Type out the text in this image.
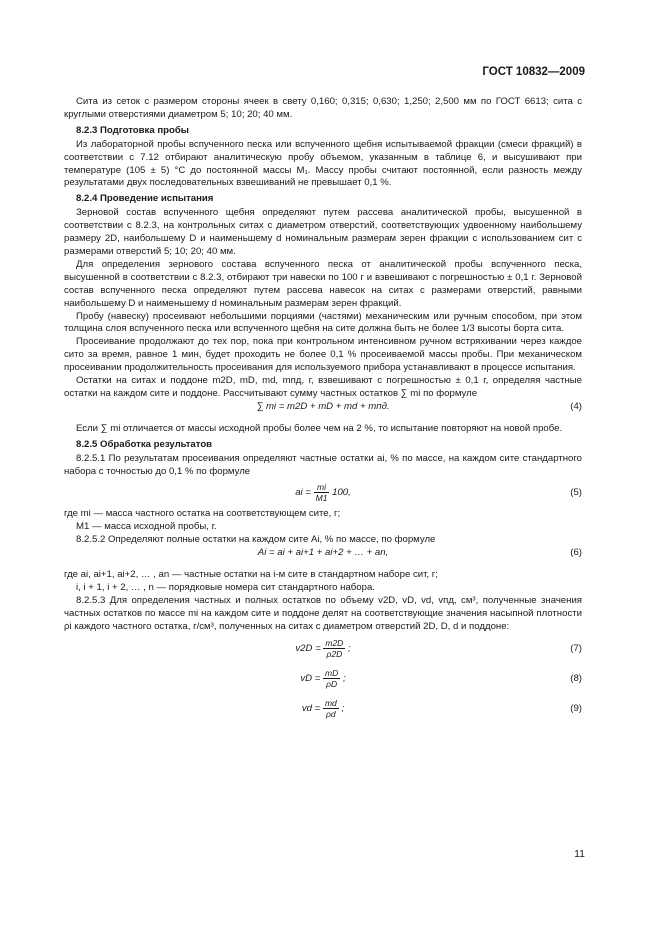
ГОСТ 10832—2009

Сита из сеток с размером стороны ячеек в свету 0,160; 0,315; 0,630; 1,250; 2,500 мм по ГОСТ 6613; сита с круглыми отверстиями диаметром 5; 10; 20; 40 мм.

8.2.3 Подготовка пробы

Из лабораторной пробы вспученного песка или вспученного щебня испытываемой фракции (смеси фракций) в соответствии с 7.12 отбирают аналитическую пробу объемом, указанным в таблице 6, и высушивают при температуре (105 ± 5) °С до постоянной массы M₁. Массу пробы считают постоянной, если разность между результатами двух последовательных взвешиваний не превышает 0,1 %.

8.2.4 Проведение испытания

Зерновой состав вспученного щебня определяют путем рассева аналитической пробы, высушенной в соответствии с 8.2.3, на контрольных ситах с диаметром отверстий, соответствующих удвоенному наибольшему размеру 2D, наибольшему D и наименьшему d номинальным размерам зерен фракции с использованием сит с размерами отверстий 5; 10; 20; 40 мм.

Для определения зернового состава вспученного песка от аналитической пробы вспученного песка, высушенной в соответствии с 8.2.3, отбирают три навески по 100 г и взвешивают с погрешностью ± 0,1 г. Зерновой состав вспученного песка определяют путем рассева навесок на ситах с размерами отверстий, равными наибольшему D и наименьшему d номинальным размерам зерен фракций.

Пробу (навеску) просеивают небольшими порциями (частями) механическим или ручным способом, при этом толщина слоя вспученного песка или вспученного щебня на сите должна быть не более 1/3 высоты борта сита.

Просеивание продолжают до тех пор, пока при контрольном интенсивном ручном встряхивании через каждое сито за время, равное 1 мин, будет проходить не более 0,1 % просеиваемой массы пробы. При механическом просеивании продолжительность просеивания для используемого прибора устанавливают в процессе испытания.

Остатки на ситах и поддоне m2D, mD, md, mпд, г, взвешивают с погрешностью ± 0,1 г, определяя частные остатки на каждом сите и поддоне. Рассчитывают сумму частных остатков ∑ mi по формуле

∑ mi = m2D + mD + md + mпд.	(4)

Если ∑ mi отличается от массы исходной пробы более чем на 2 %, то испытание повторяют на новой пробе.

8.2.5 Обработка результатов

8.2.5.1 По результатам просеивания определяют частные остатки ai, % по массе, на каждом сите стандартного набора с точностью до 0,1 % по формуле

ai = $\frac{mi}{M1} 100$,	(5)

где mi — масса частного остатка на соответствующем сите, г;

M1 — масса исходной пробы, г.

8.2.5.2 Определяют полные остатки на каждом сите Ai, % по массе, по формуле

Ai = ai + ai+1 + ai+2 + … + an,	(6)

где ai, ai+1, ai+2, … , an — частные остатки на i-м сите в стандартном наборе сит, г;

i, i + 1, i + 2, … , n — порядковые номера сит стандартного набора.

8.2.5.3 Для определения частных и полных остатков по объему v2D, vD, vd, vпд, см³, полученные значения частных остатков по массе mi на каждом сите и поддоне делят на соответствующие значения насыпной плотности ρi каждого частного остатка, г/см³, полученных на ситах с диаметром отверстий 2D, D, d и поддоне:

$v2D = \frac{m2D}{\rho 2D}$ ;	(7)
vD = $\frac{mD}{\rho D}$ ;	(8)
vd = $\frac{md}{\rho d}$ ;	(9)
11
